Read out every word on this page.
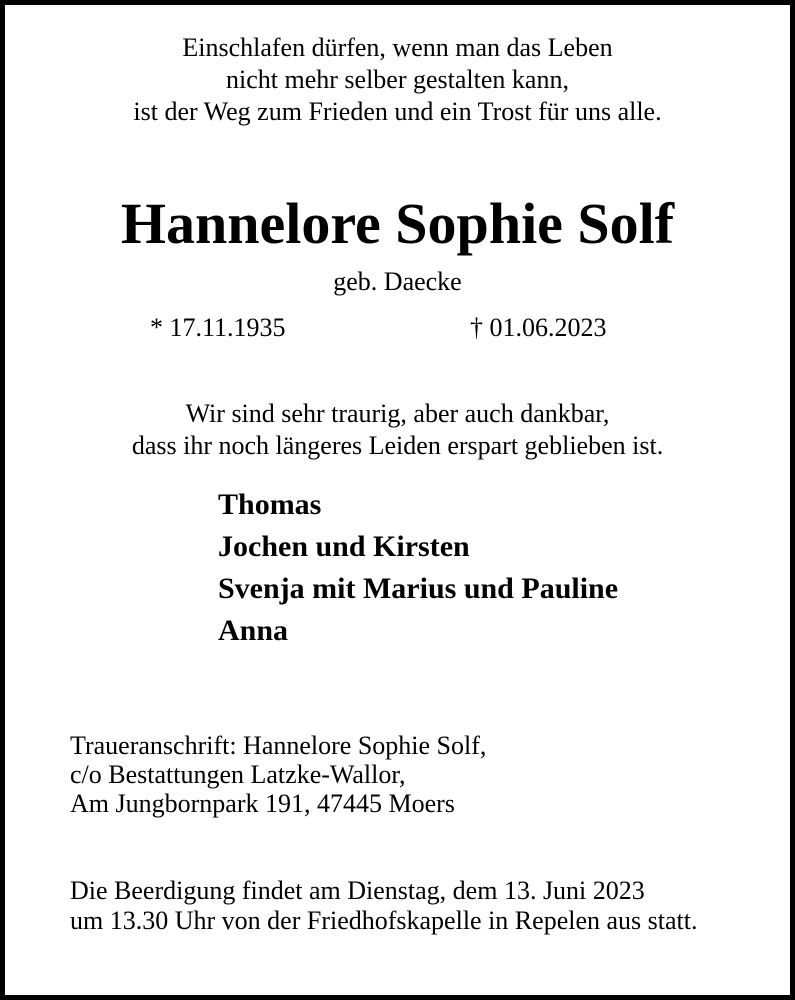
Einschlafen dürfen, wenn man das Leben
nicht mehr selber gestalten kann,
ist der Weg zum Frieden und ein Trost für uns alle.
Hannelore Sophie Solf
geb. Daecke
* 17.11.1935	† 01.06.2023
Wir sind sehr traurig, aber auch dankbar,
dass ihr noch längeres Leiden erspart geblieben ist.
Thomas
Jochen und Kirsten
Svenja mit Marius und Pauline
Anna
Traueranschrift: Hannelore Sophie Solf,
c/o Bestattungen Latzke-Wallor,
Am Jungbornpark 191, 47445 Moers
Die Beerdigung findet am Dienstag, dem 13. Juni 2023
um 13.30 Uhr von der Friedhofskapelle in Repelen aus statt.
